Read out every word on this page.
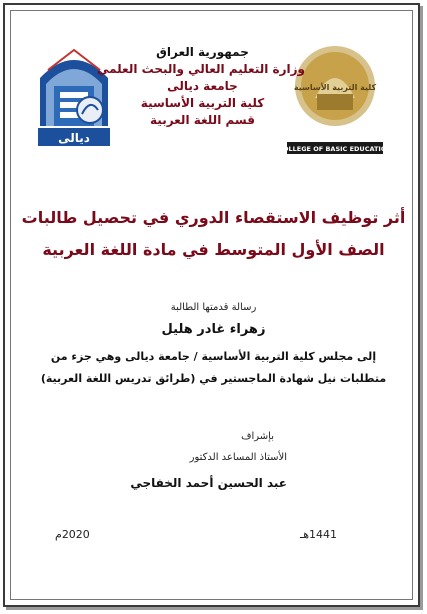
ديالى
كلية التربية الأساسية
COLLEGE OF BASIC EDUCATION
جمهورية العراق
وزارة التعليم العالي والبحث العلمي
جامعة ديالى
كلية التربية الأساسية
قسم اللغة العربية
أثر توظيف الاستقصاء الدوري في تحصيل طالبات
الصف الأول المتوسط في مادة اللغة العربية
رسالة قدمتها الطالبة
زهراء غادر هليل
إلى مجلس كلية التربية الأساسية / جامعة ديالى وهي جزء من
متطلبات نيل شهادة الماجستير في (طرائق تدريس اللغة العربية)
بإشراف
الأستاذ المساعد الدكتور
عبد الحسين أحمد الخفاجي
1441هـ
2020م
